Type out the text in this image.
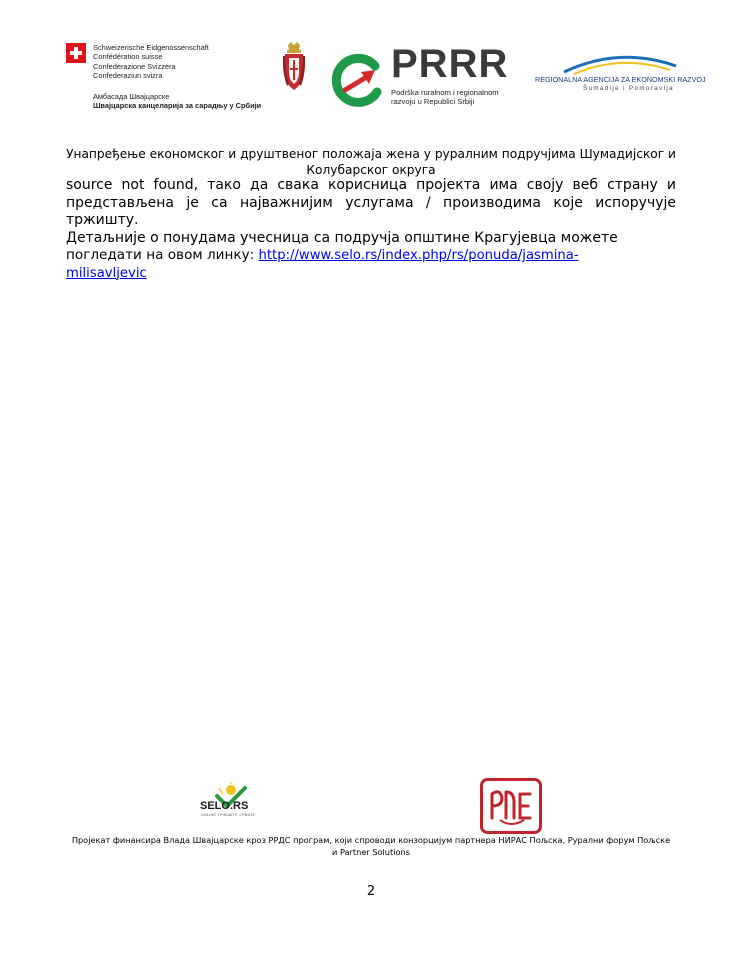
Schweizerische Eidgenossenschaft
Confédération suisse
Confederazione Svizzera
Confederaziun svizra
Амбасада Швајцарске
Швајцарска канцеларија за сарадњу у Србији
PRRR
Podrška ruralnom i regionalnom
razvoju u Republici Srbiji
REGIONALNA AGENCIJA ZA EKONOMSKI RAZVOJ
Šumadije i Pomoravlja
Унапређење економског и друштвеног положаја жена у руралним подручјима Шумадијског и
Колубарског округа

source not found, тако да свака корисница пројекта има своју веб страну и

представљена је са најважнијим услугама / производима које испоручује

тржишту.

Детаљније о понудама учесница са подручја општине Крагујевца можете

погледати на овом линку: http://www.selo.rs/index.php/rs/ponuda/jasmina-

milisavljevic

SELO.RS
ONLINE ТРЖИШТЕ СРБИЈЕ
Пројекат финансира Влада Швајцарске кроз РРДС програм, који спроводи конзорцијум партнера НИРАС Пољска, Рурални форум Пољске
и Partner Solutions
2
